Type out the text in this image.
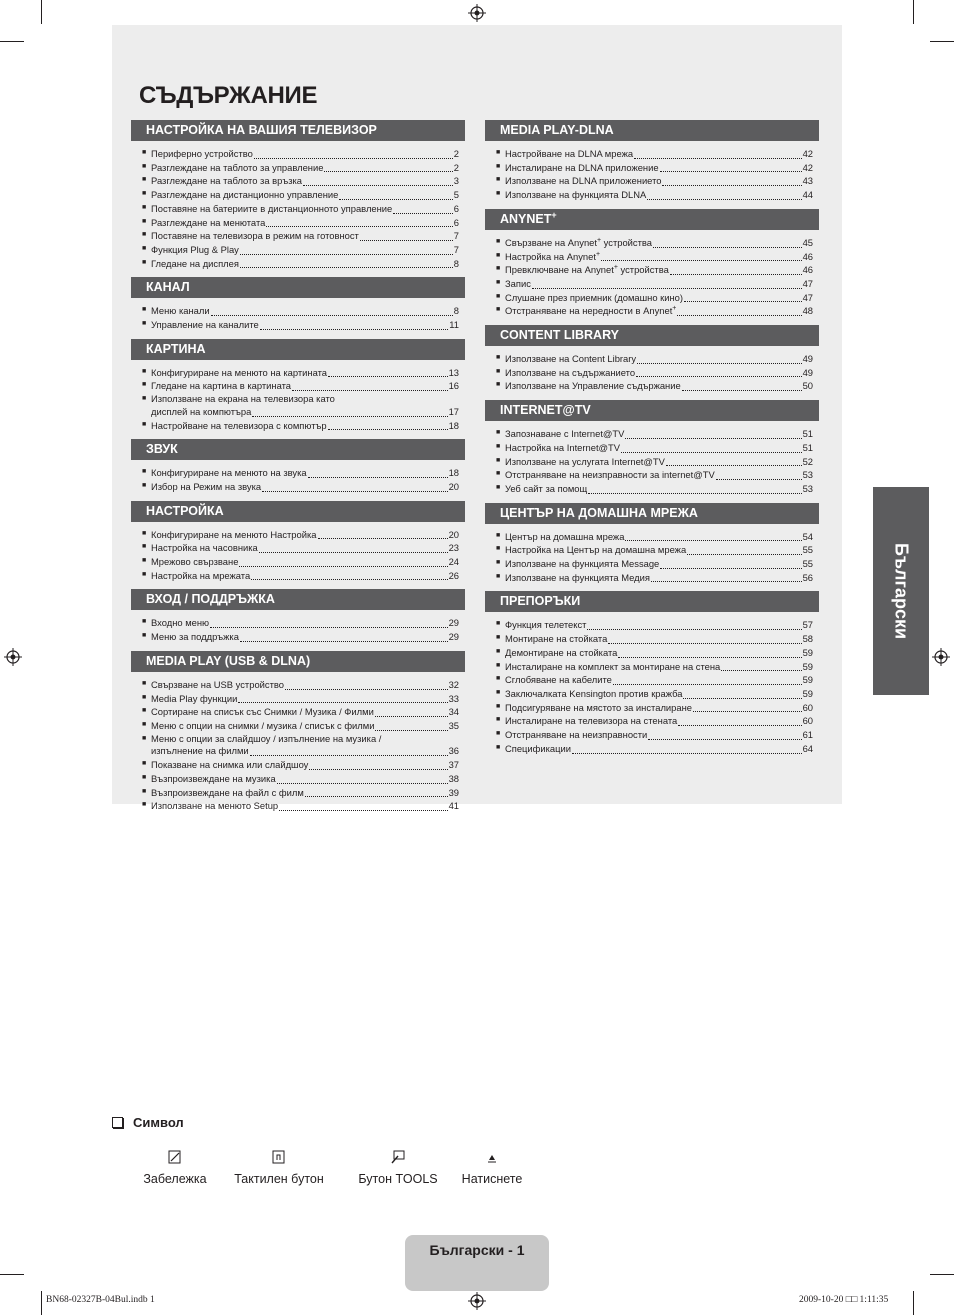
СЪДЪРЖАНИЕ
НАСТРОЙКА НА ВАШИЯ ТЕЛЕВИЗОР
■ Периферно устройство	2
■ Разглеждане на таблото за управление	2
■ Разглеждане на таблото за връзка	3
■ Разглеждане на дистанционно управление	5
■ Поставяне на батериите в дистанционното управление	6
■ Разглеждане на менютата	6
■ Поставяне на телевизора в режим на готовност	7
■ Функция Plug & Play	7
■ Гледане на дисплея	8
КАНАЛ
■ Меню канали	8
■ Управление на каналите	11
КАРТИНА
■ Конфигуриране на менюто на картината	13
■ Гледане на картина в картината	16
■ Използване на екрана на телевизора като
дисплей на компютъра	17
■ Настройване на телевизора с компютър	18
ЗВУК
■ Конфигуриране на менюто на звука	18
■ Избор на Режим на звука	20
НАСТРОЙКА
■ Конфигуриране на менюто Настройка	20
■ Настройка на часовника	23
■ Мрежово свързване	24
■ Настройка на мрежата	26
ВХОД / ПОДДРЪЖКА
■ Входно меню	29
■ Меню за поддръжка	29
MEDIA PLAY (USB & DLNA)
■ Свързване на USB устройство	32
■ Media Play функции	33
■ Сортиране на списък със Снимки / Музика / Филми	34
■ Меню с опции на снимки / музика / списък с филми	35
■ Меню с опции за слайдшоу / изпълнение на музика /
изпълнение на филми	36
■ Показване на снимка или слайдшоу	37
■ Възпроизвеждане на музика	38
■ Възпроизвеждане на файл с филм	39
■ Използване на менюто Setup	41
MEDIA PLAY-DLNA
■ Настройване на DLNA мрежа	42
■ Инсталиране на DLNA приложение	42
■ Използване на DLNA приложението	43
■ Използване на функцията DLNA	44
ANYNET+
■ Свързване на Anynet+ устройства	45
■ Настройка на Anynet+	46
■ Превключване на Anynet+ устройства	46
■ Запис	47
■ Слушане през приемник (домашно кино)	47
■ Отстраняване на нередности в Anynet+	48
CONTENT LIBRARY
■ Използване на Content Library	49
■ Използване на съдържанието	49
■ Използване на Управление съдържание	50
INTERNET@TV
■ Запознаване с Internet@TV	51
■ Настройка на Internet@TV	51
■ Използване на услугата Internet@TV	52
■ Отстраняване на неизправности за internet@TV	53
■ Уеб сайт за помощ	53
ЦЕНТЪР НА ДОМАШНА МРЕЖА
■ Център на домашна мрежа	54
■ Настройка на Център на домашна мрежа	55
■ Използване на функцията Message	55
■ Използване на функцията Медия	56
ПРЕПОРЪКИ
■ Функция телетекст	57
■ Монтиране на стойката	58
■ Демонтиране на стойката	59
■ Инсталиране на комплект за монтиране на стена	59
■ Сглобяване на кабелите	59
■ Заключалката Kensington против кражба	59
■ Подсигуряване на мястото за инсталиране	60
■ Инсталиране на телевизора на стената	60
■ Отстраняване на неизправности	61
■ Спецификации	64
Български
Символ
Забележка Тактилен бутон	Бутон TOOLS Натиснете
Български - 1
BN68-02327B-04Bul.indb 1	2009-10-20 □□ 1:11:35
